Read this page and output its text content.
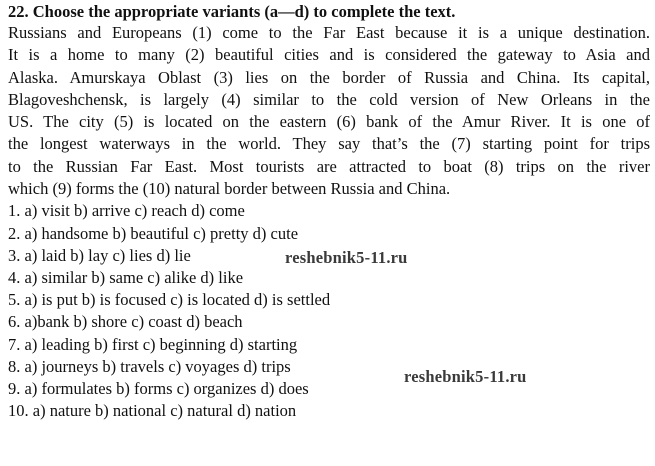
22. Choose the appropriate variants (a—d) to complete the text.
Russians and Europeans (1) come to the Far East because it is a unique destination.
It is a home to many (2) beautiful cities and is considered the gateway to Asia and
Alaska. Amurskaya Oblast (3) lies on the border of Russia and China. Its capital,
Blagoveshchensk, is largely (4) similar to the cold version of New Orleans in the
US. The city (5) is located on the eastern (6) bank of the Amur River. It is one of
the longest waterways in the world. They say that’s the (7) starting point for trips
to the Russian Far East. Most tourists are attracted to boat (8) trips on the river
which (9) forms the (10) natural border between Russia and China.
1. a) visit b) arrive c) reach d) come
2. a) handsome b) beautiful c) pretty d) cute
3. a) laid b) lay c) lies d) lie
4. a) similar b) same c) alike d) like
5. a) is put b) is focused c) is located d) is settled
6. a)bank b) shore c) coast d) beach
7. a) leading b) first c) beginning d) starting
8. a) journeys b) travels c) voyages d) trips
9. a) formulates b) forms c) organizes d) does
10. a) nature b) national c) natural d) nation
reshebnik5-11.ru
reshebnik5-11.ru
